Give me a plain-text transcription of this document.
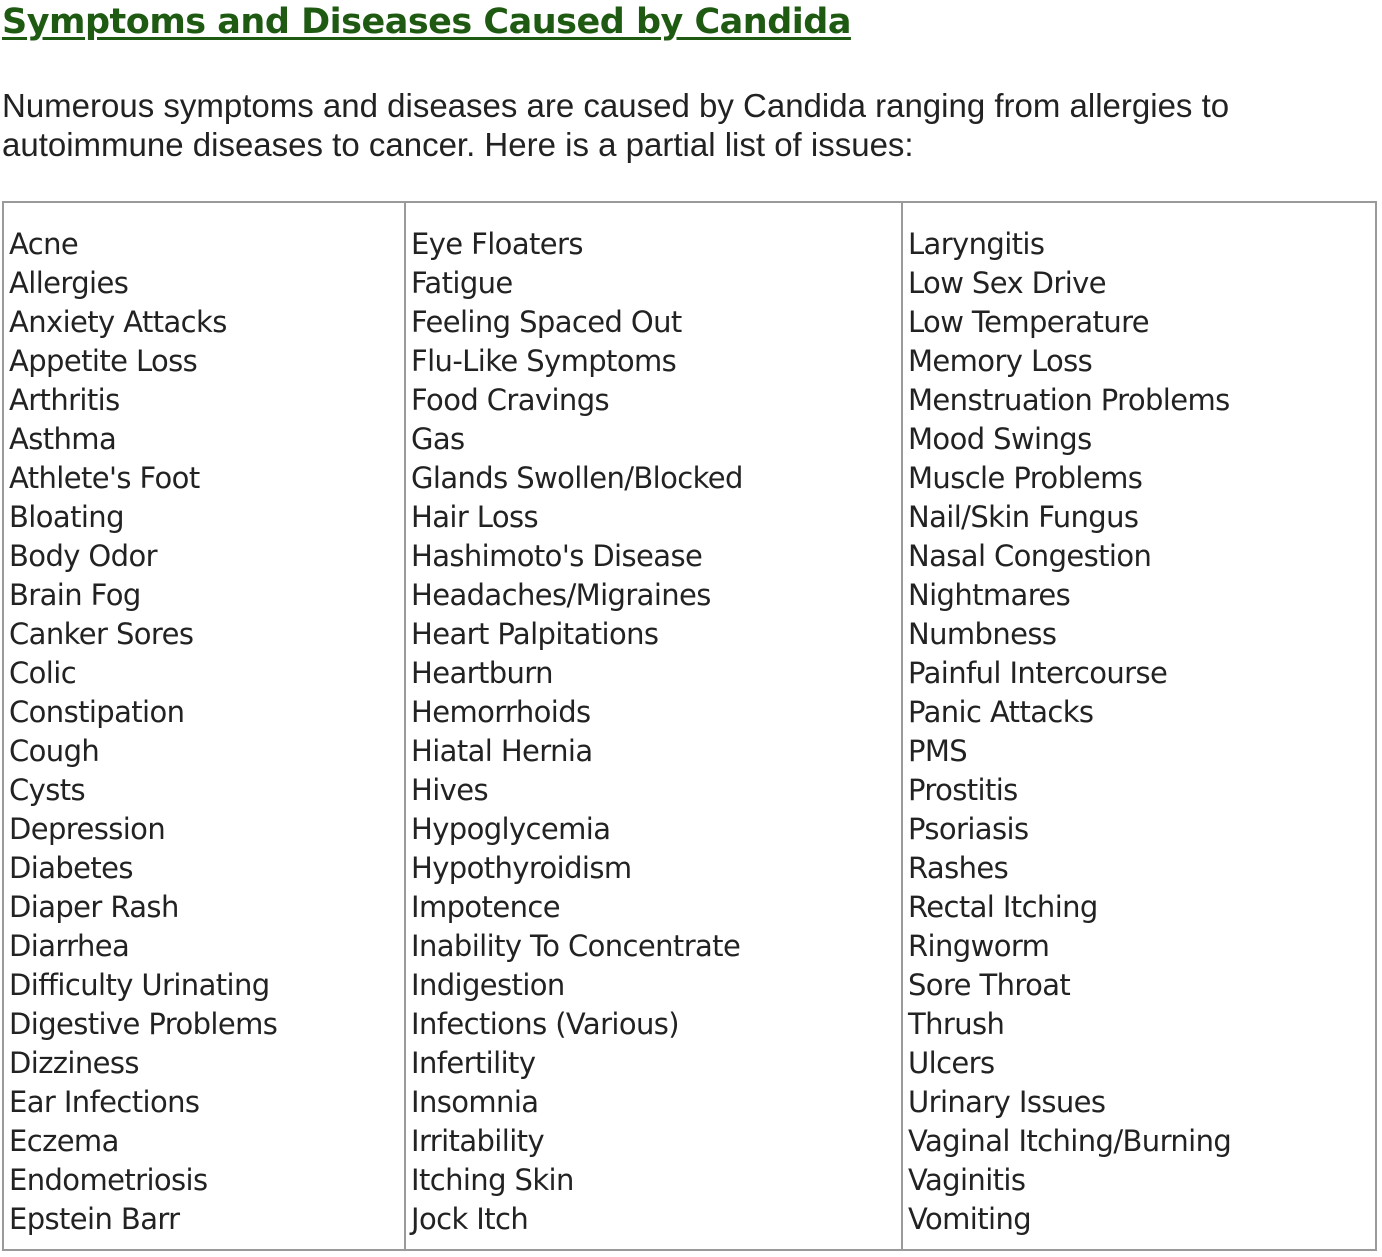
Symptoms and Diseases Caused by Candida

Numerous symptoms and diseases are caused by Candida ranging from allergies to autoimmune diseases to cancer. Here is a partial list of issues:

Acne
Allergies
Anxiety Attacks
Appetite Loss
Arthritis
Asthma
Athlete's Foot
Bloating
Body Odor
Brain Fog
Canker Sores
Colic
Constipation
Cough
Cysts
Depression
Diabetes
Diaper Rash
Diarrhea
Difficulty Urinating
Digestive Problems
Dizziness
Ear Infections
Eczema
Endometriosis
Epstein Barr
Eye Floaters
Fatigue
Feeling Spaced Out
Flu-Like Symptoms
Food Cravings
Gas
Glands Swollen/Blocked
Hair Loss
Hashimoto's Disease
Headaches/Migraines
Heart Palpitations
Heartburn
Hemorrhoids
Hiatal Hernia
Hives
Hypoglycemia
Hypothyroidism
Impotence
Inability To Concentrate
Indigestion
Infections (Various)
Infertility
Insomnia
Irritability
Itching Skin
Jock Itch
Laryngitis
Low Sex Drive
Low Temperature
Memory Loss
Menstruation Problems
Mood Swings
Muscle Problems
Nail/Skin Fungus
Nasal Congestion
Nightmares
Numbness
Painful Intercourse
Panic Attacks
PMS
Prostitis
Psoriasis
Rashes
Rectal Itching
Ringworm
Sore Throat
Thrush
Ulcers
Urinary Issues
Vaginal Itching/Burning
Vaginitis
Vomiting
